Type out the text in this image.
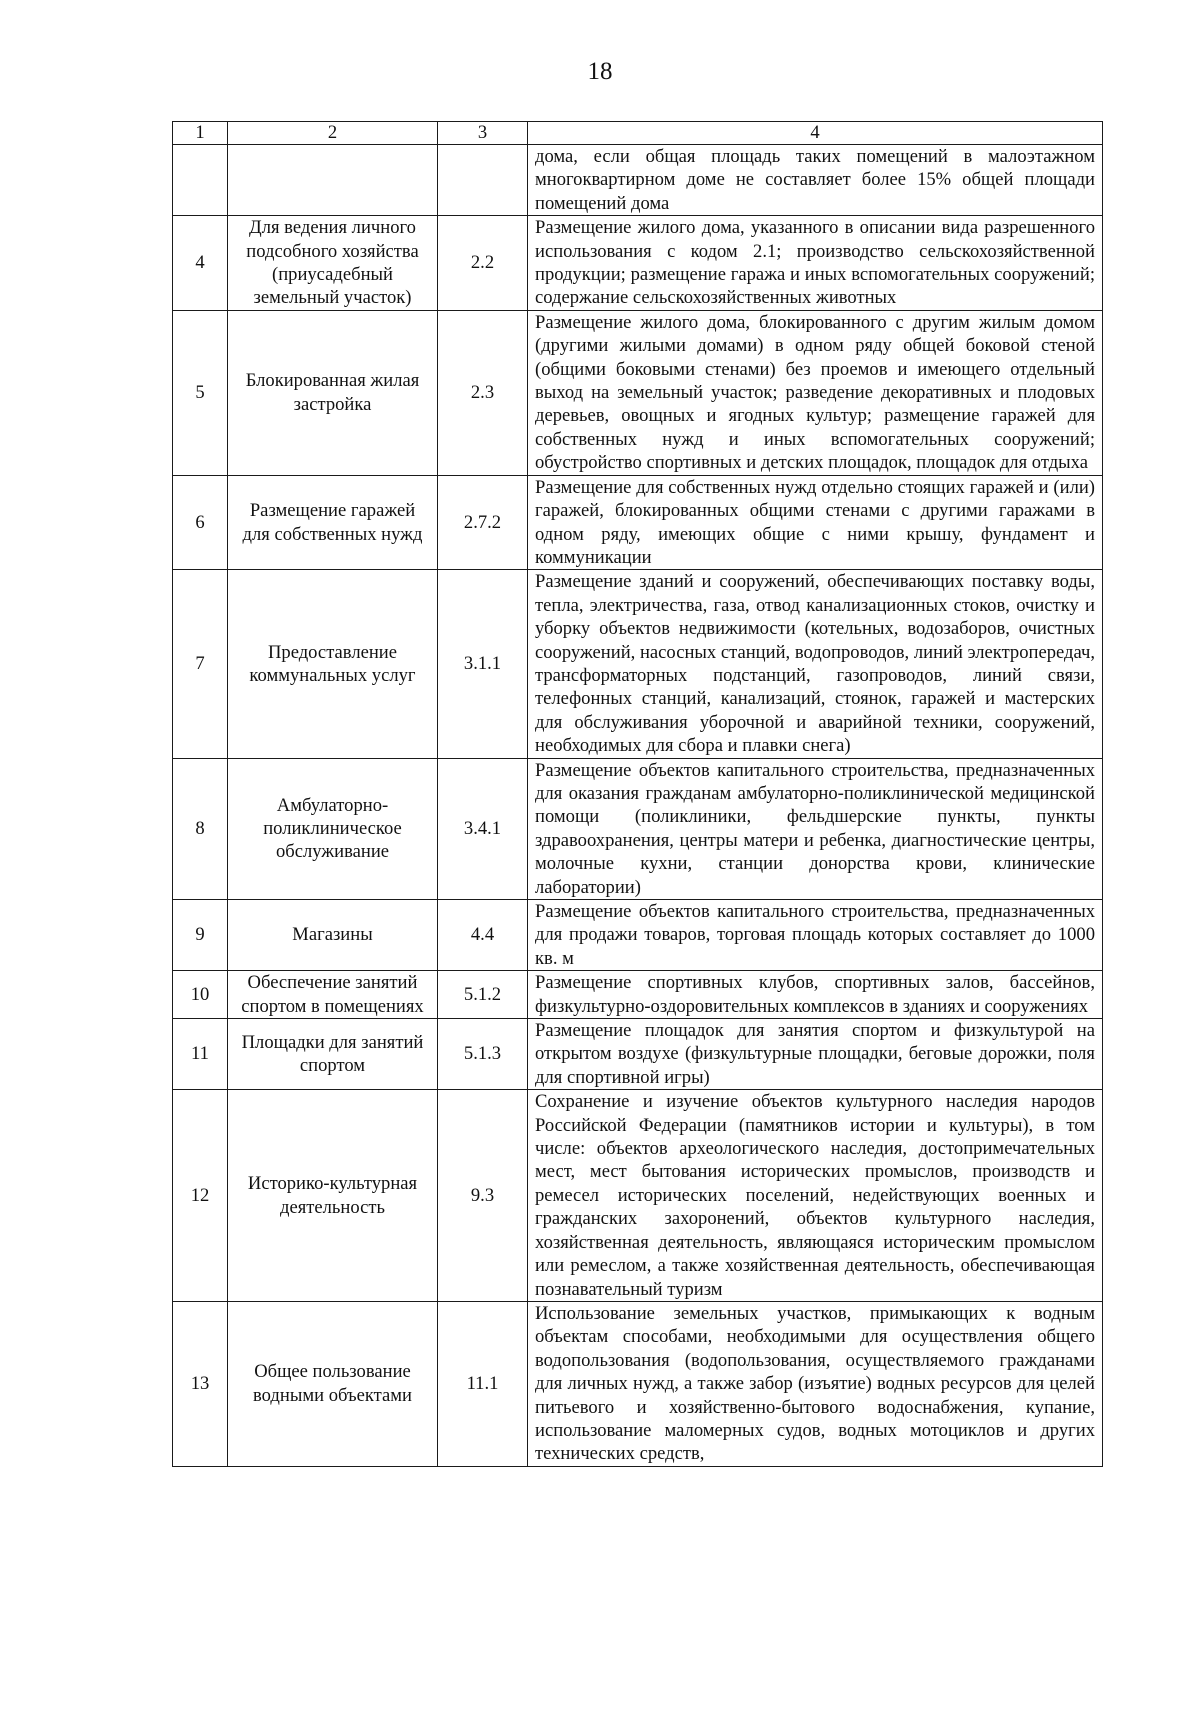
18
1	2	3	4
			дома, если общая площадь таких помещений в малоэтажном многоквартирном доме не составляет более 15% общей площади помещений дома
4	Для ведения личного подсобного хозяйства (приусадебный земельный участок)	2.2	Размещение жилого дома, указанного в описании вида разрешенного использования с кодом 2.1; производство сельскохозяйственной продукции; размещение гаража и иных вспомогательных сооружений; содержание сельскохозяйственных животных
5	Блокированная жилая застройка	2.3	Размещение жилого дома, блокированного с другим жилым домом (другими жилыми домами) в одном ряду общей боковой стеной (общими боковыми стенами) без проемов и имеющего отдельный выход на земельный участок; разведение декоративных и плодовых деревьев, овощных и ягодных культур; размещение гаражей для собственных нужд и иных вспомогательных сооружений; обустройство спортивных и детских площадок, площадок для отдыха
6	Размещение гаражей для собственных нужд	2.7.2	Размещение для собственных нужд отдельно стоящих гаражей и (или) гаражей, блокированных общими стенами с другими гаражами в одном ряду, имеющих общие с ними крышу, фундамент и коммуникации
7	Предоставление коммунальных услуг	3.1.1	Размещение зданий и сооружений, обеспечивающих поставку воды, тепла, электричества, газа, отвод канализационных стоков, очистку и уборку объектов недвижимости (котельных, водозаборов, очистных сооружений, насосных станций, водопроводов, линий электропередач, трансформаторных подстанций, газопроводов, линий связи, телефонных станций, канализаций, стоянок, гаражей и мастерских для обслуживания уборочной и аварийной техники, сооружений, необходимых для сбора и плавки снега)
8	Амбулаторно-поликлиническое обслуживание	3.4.1	Размещение объектов капитального строительства, предназначенных для оказания гражданам амбулаторно-поликлинической медицинской помощи (поликлиники, фельдшерские пункты, пункты здравоохранения, центры матери и ребенка, диагностические центры, молочные кухни, станции донорства крови, клинические лаборатории)
9	Магазины	4.4	Размещение объектов капитального строительства, предназначенных для продажи товаров, торговая площадь которых составляет до 1000 кв. м
10	Обеспечение занятий спортом в помещениях	5.1.2	Размещение спортивных клубов, спортивных залов, бассейнов, физкультурно-оздоровительных комплексов в зданиях и сооружениях
11	Площадки для занятий спортом	5.1.3	Размещение площадок для занятия спортом и физкультурой на открытом воздухе (физкультурные площадки, беговые дорожки, поля для спортивной игры)
12	Историко-культурная деятельность	9.3	Сохранение и изучение объектов культурного наследия народов Российской Федерации (памятников истории и культуры), в том числе: объектов археологического наследия, достопримечательных мест, мест бытования исторических промыслов, производств и ремесел исторических поселений, недействующих военных и гражданских захоронений, объектов культурного наследия, хозяйственная деятельность, являющаяся историческим промыслом или ремеслом, а также хозяйственная деятельность, обеспечивающая познавательный туризм
13	Общее пользование водными объектами	11.1	Использование земельных участков, примыкающих к водным объектам способами, необходимыми для осуществления общего водопользования (водопользования, осуществляемого гражданами для личных нужд, а также забор (изъятие) водных ресурсов для целей питьевого и хозяйственно-бытового водоснабжения, купание, использование маломерных судов, водных мотоциклов и других технических средств,
